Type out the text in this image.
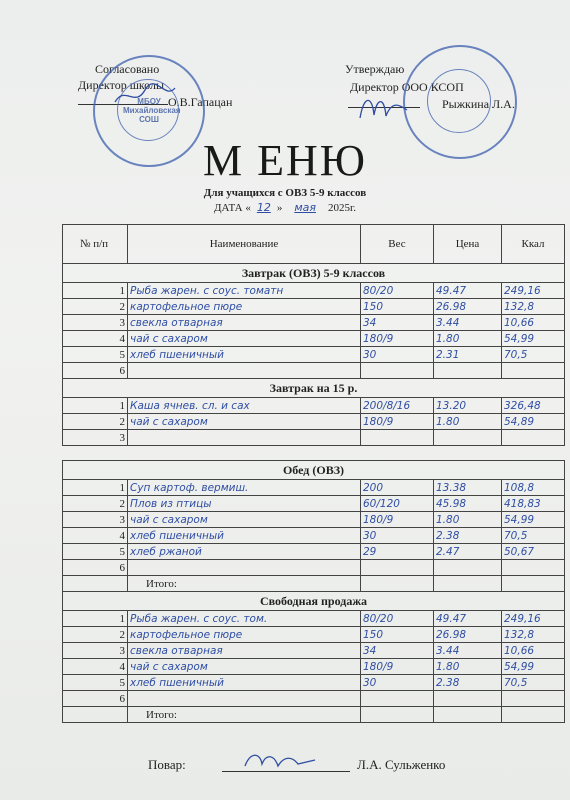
Согласовано
Директор школы
О.В.Гапацан
Утверждаю
Директор ООО КСОП
Рыжкина Л.А.
МБОУ Михайловская СОШ
М ЕНЮ
Для учащихся с ОВЗ 5-9 классов
ДАТА « 12 » мая 2025г.
№ п/п	Наименование	Вес	Цена	Ккал
Завтрак (ОВЗ) 5-9 классов				
1	Рыба жарен. с соус. томатн	80/20	49.47	249,16
2	картофельное пюре	150	26.98	132,8
3	свекла отварная	34	3.44	10,66
4	чай с сахаром	180/9	1.80	54,99
5	хлеб пшеничный	30	2.31	70,5
6				
Завтрак на 15 р.				
1	Каша ячнев. сл. и сах	200/8/16	13.20	326,48
2	чай с сахаром	180/9	1.80	54,89
3				

Обед (ОВЗ)				
1	Суп картоф. вермиш.	200	13.38	108,8
2	Плов из птицы	60/120	45.98	418,83
3	чай с сахаром	180/9	1.80	54,99
4	хлеб пшеничный	30	2.38	70,5
5	хлеб ржаной	29	2.47	50,67
6				
	Итого:			
Свободная продажа				
1	Рыба жарен. с соус. том.	80/20	49.47	249,16
2	картофельное пюре	150	26.98	132,8
3	свекла отварная	34	3.44	10,66
4	чай с сахаром	180/9	1.80	54,99
5	хлеб пшеничный	30	2.38	70,5
6				
	Итого:			
Повар:	Л.А. Сульженко
